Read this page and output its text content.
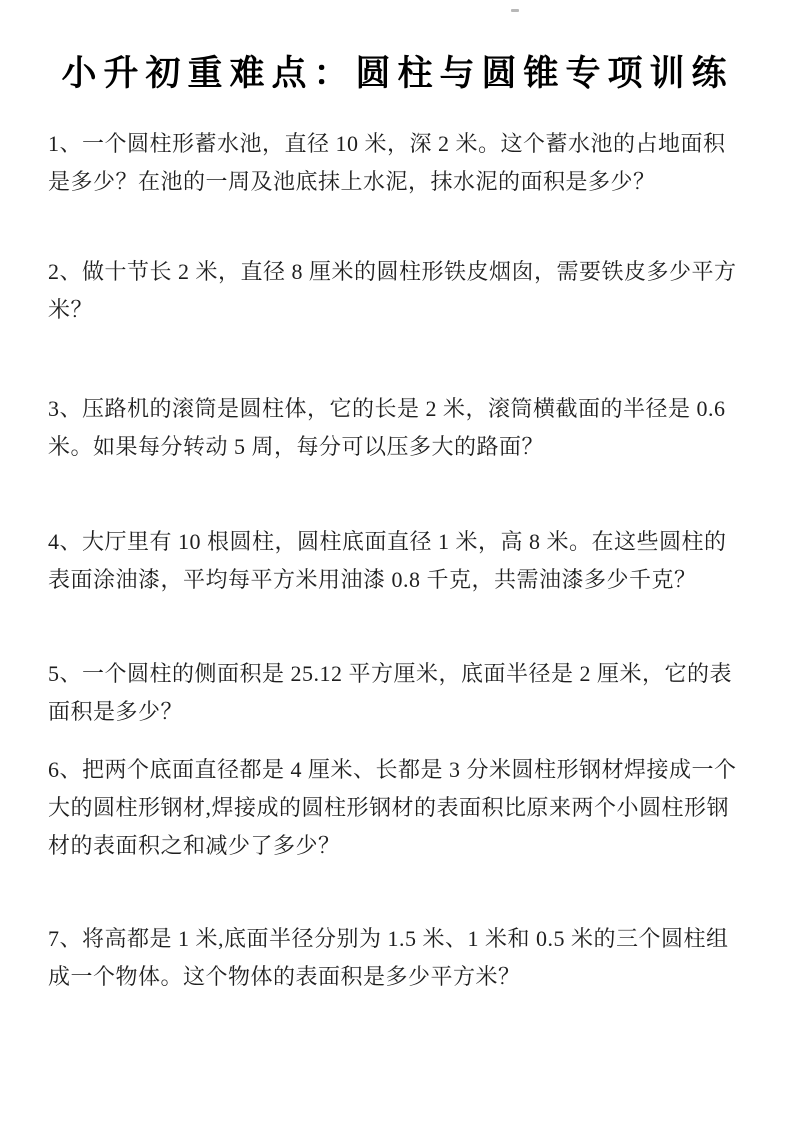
小升初重难点：圆柱与圆锥专项训练

1、一个圆柱形蓄水池，直径 10 米，深 2 米。这个蓄水池的占地面积是多少？在池的一周及池底抹上水泥，抹水泥的面积是多少？

2、做十节长 2 米，直径 8 厘米的圆柱形铁皮烟囱，需要铁皮多少平方米？

3、压路机的滚筒是圆柱体，它的长是 2 米，滚筒横截面的半径是 0.6 米。如果每分转动 5 周，每分可以压多大的路面？

4、大厅里有 10 根圆柱，圆柱底面直径 1 米，高 8 米。在这些圆柱的表面涂油漆，平均每平方米用油漆 0.8 千克，共需油漆多少千克？

5、一个圆柱的侧面积是 25.12 平方厘米，底面半径是 2 厘米，它的表面积是多少？

6、把两个底面直径都是 4 厘米、长都是 3 分米圆柱形钢材焊接成一个大的圆柱形钢材,焊接成的圆柱形钢材的表面积比原来两个小圆柱形钢材的表面积之和减少了多少？

7、将高都是 1 米,底面半径分别为 1.5 米、1 米和 0.5 米的三个圆柱组成一个物体。这个物体的表面积是多少平方米？
